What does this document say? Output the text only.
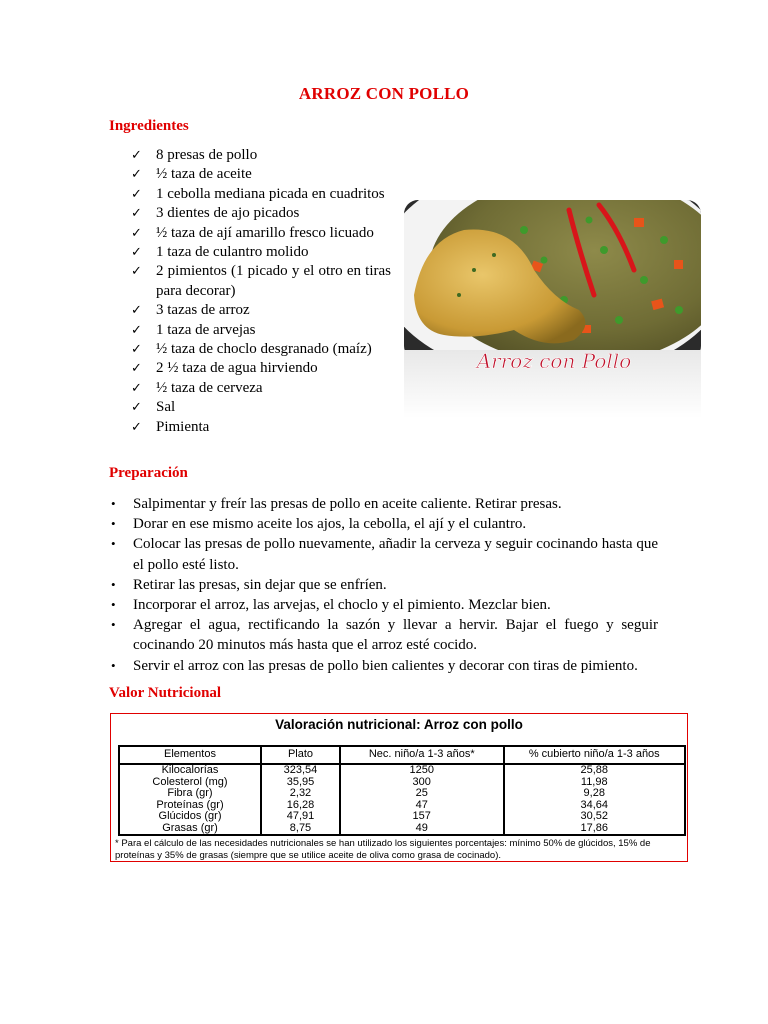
ARROZ CON POLLO
Ingredientes
✓ 8 presas de pollo
✓ ½ taza de aceite
✓ 1 cebolla mediana picada en cuadritos
✓ 3 dientes de ajo picados
✓ ½ taza de ají amarillo fresco licuado
✓ 1 taza de culantro molido
✓ 2 pimientos (1 picado y el otro en tiras para decorar)
✓ 3 tazas de arroz
✓ 1 taza de arvejas
✓ ½ taza de choclo desgranado (maíz)
✓ 2 ½ taza de agua hirviendo
✓ ½ taza de cerveza
✓ Sal
✓ Pimienta
Arroz con Pollo
Preparación
• Salpimentar y freír las presas de pollo en aceite caliente. Retirar presas.
• Dorar en ese mismo aceite los ajos, la cebolla, el ají y el culantro.
• Colocar las presas de pollo nuevamente, añadir la cerveza y seguir cocinando hasta que el pollo esté listo.
• Retirar las presas, sin dejar que se enfríen.
• Incorporar el arroz, las arvejas, el choclo y el pimiento. Mezclar bien.
• Agregar el agua, rectificando la sazón y llevar a hervir. Bajar el fuego y seguir cocinando 20 minutos más hasta que el arroz esté cocido.
• Servir el arroz con las presas de pollo bien calientes y decorar con tiras de pimiento.
Valor Nutricional
Valoración nutricional: Arroz con pollo
Elementos	Plato	Nec. niño/a 1-3 años*	% cubierto niño/a 1-3 años
Kilocalorías	323,54	1250	25,88
Colesterol (mg)	35,95	300	11,98
Fibra (gr)	2,32	25	9,28
Proteínas (gr)	16,28	47	34,64
Glúcidos (gr)	47,91	157	30,52
Grasas (gr)	8,75	49	17,86
* Para el cálculo de las necesidades nutricionales se han utilizado los siguientes porcentajes: mínimo 50% de glúcidos, 15% de proteínas y 35% de grasas (siempre que se utilice aceite de oliva como grasa de cocinado).
